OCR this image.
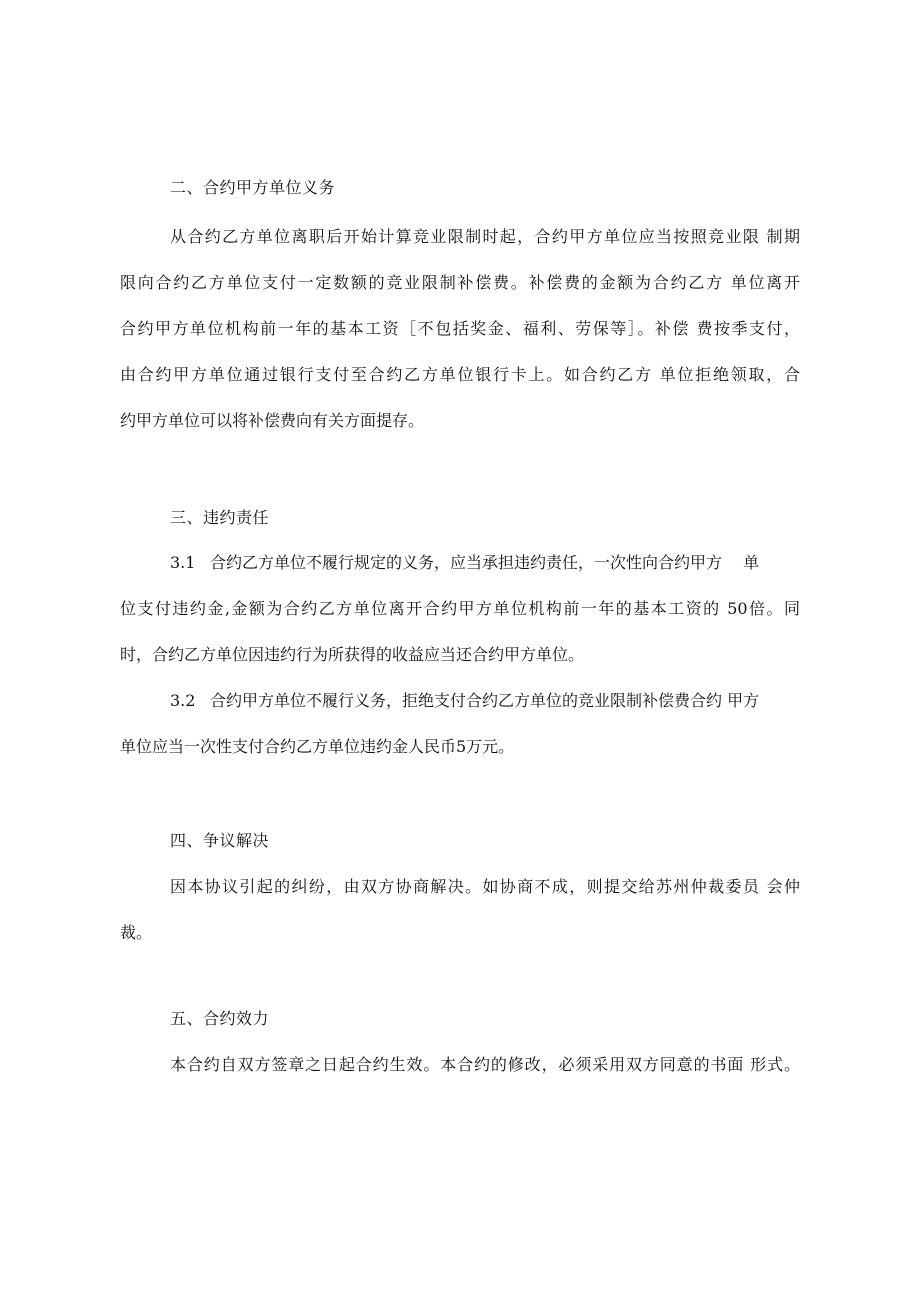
二、合约甲方单位义务
从合约乙方单位离职后开始计算竞业限制时起，合约甲方单位应当按照竞业限 制期
限向合约乙方单位支付一定数额的竞业限制补偿费。补偿费的金额为合约乙方 单位离开
合约甲方单位机构前一年的基本工资［不包括奖金、福利、劳保等］。补偿 费按季支付，
由合约甲方单位通过银行支付至合约乙方单位银行卡上。如合约乙方 单位拒绝领取，合
约甲方单位可以将补偿费向有关方面提存。
三、违约责任
3.1 合约乙方单位不履行规定的义务，应当承担违约责任，一次性向合约甲方　 单
位支付违约金,金额为合约乙方单位离开合约甲方单位机构前一年的基本工资的 50倍。同
时，合约乙方单位因违约行为所获得的收益应当还合约甲方单位。
3.2 合约甲方单位不履行义务，拒绝支付合约乙方单位的竞业限制补偿费合约 甲方
单位应当一次性支付合约乙方单位违约金人民币5万元。
四、争议解决
因本协议引起的纠纷，由双方协商解决。如协商不成，则提交给苏州仲裁委员 会仲
裁。
五、合约效力
本合约自双方签章之日起合约生效。本合约的修改，必须采用双方同意的书面 形式。
